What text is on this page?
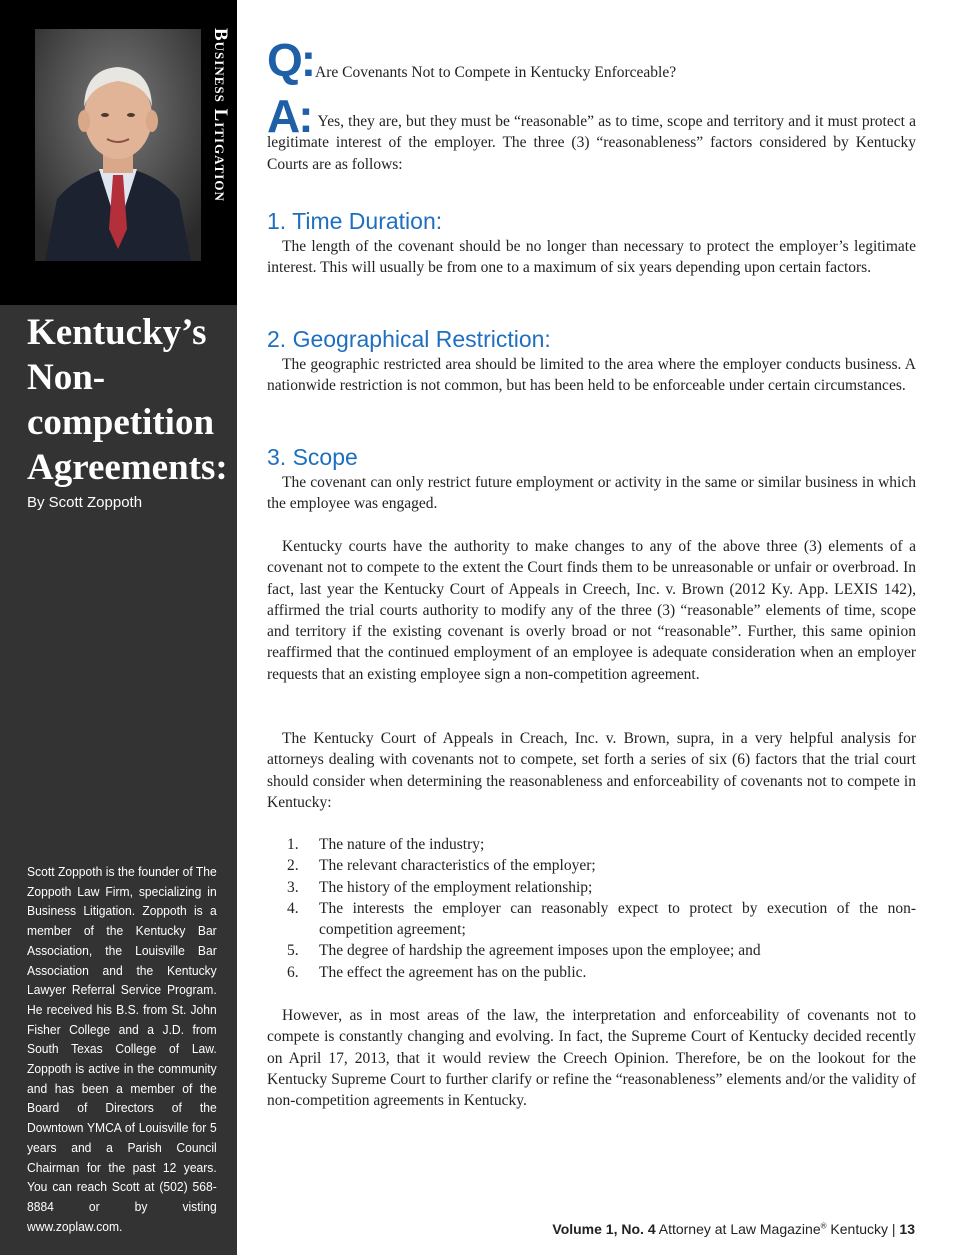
Business Litigation
Kentucky’s
Non-
competition
Agreements:
By Scott Zoppoth
Scott Zoppoth is the founder of The Zoppoth Law Firm, specializing in Business Litigation. Zoppoth is a member of the Kentucky Bar Association, the Louisville Bar Association and the Kentucky Lawyer Referral Service Program. He received his B.S. from St. John Fisher College and a J.D. from South Texas College of Law. Zoppoth is active in the community and has been a member of the Board of Directors of the Downtown YMCA of Louisville for 5 years and a Parish Council Chairman for the past 12 years. You can reach Scott at (502) 568-8884 or by visting www.zoplaw.com.
Q: Are Covenants Not to Compete in Kentucky Enforceable?
A: Yes, they are, but they must be “reasonable” as to time, scope and territory and it must protect a legitimate interest of the employer. The three (3) “reasonableness” factors considered by Kentucky Courts are as follows:
1. Time Duration:
The length of the covenant should be no longer than necessary to protect the employer’s legitimate interest. This will usually be from one to a maximum of six years depending upon certain factors.
2. Geographical Restriction:
The geographic restricted area should be limited to the area where the employer conducts business. A nationwide restriction is not common, but has been held to be enforceable under certain circumstances.
3. Scope
The covenant can only restrict future employment or activity in the same or similar business in which the employee was engaged.
Kentucky courts have the authority to make changes to any of the above three (3) elements of a covenant not to compete to the extent the Court finds them to be unreasonable or unfair or overbroad. In fact, last year the Kentucky Court of Appeals in Creech, Inc. v. Brown (2012 Ky. App. LEXIS 142), affirmed the trial courts authority to modify any of the three (3) “reasonable” elements of time, scope and territory if the existing covenant is overly broad or not “reasonable”. Further, this same opinion reaffirmed that the continued employment of an employee is adequate consideration when an employer requests that an existing employee sign a non-competition agreement.
The Kentucky Court of Appeals in Creach, Inc. v. Brown, supra, in a very helpful analysis for attorneys dealing with covenants not to compete, set forth a series of six (6) factors that the trial court should consider when determining the reasonableness and enforceability of covenants not to compete in Kentucky:
1.	The nature of the industry;
2.	The relevant characteristics of the employer;
3.	The history of the employment relationship;
4.	The interests the employer can reasonably expect to protect by execution of the non-competition agreement;
5.	The degree of hardship the agreement imposes upon the employee; and
6.	The effect the agreement has on the public.
However, as in most areas of the law, the interpretation and enforceability of covenants not to compete is constantly changing and evolving. In fact, the Supreme Court of Kentucky decided recently on April 17, 2013, that it would review the Creech Opinion. Therefore, be on the lookout for the Kentucky Supreme Court to further clarify or refine the “reasonableness” elements and/or the validity of non-competition agreements in Kentucky.
Volume 1, No. 4 Attorney at Law Magazine® Kentucky | 13
